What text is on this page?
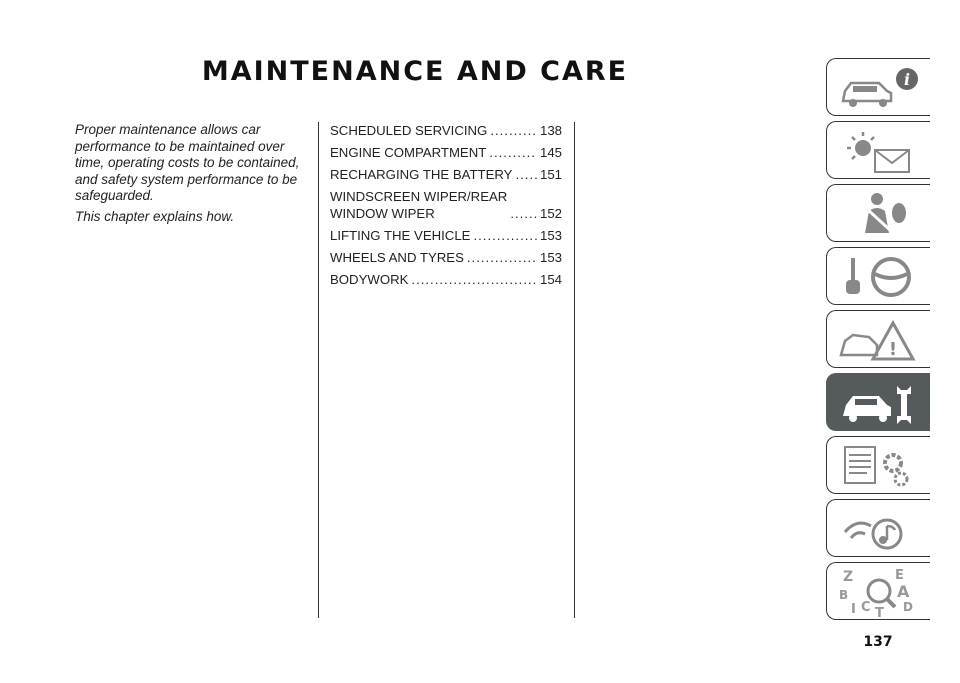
MAINTENANCE AND CARE

Proper maintenance allows car performance to be maintained over time, operating costs to be contained, and safety system performance to be safeguarded.

This chapter explains how.

SCHEDULED SERVICING .....	138
ENGINE COMPARTMENT .....	145
RECHARGING THE BATTERY ..... 151
WINDSCREEN WIPER/REAR
WINDOW WIPER .....	152
LIFTING THE VEHICLE .....	153
WHEELS AND TYRES .....	153
BODYWORK .....	154
i
!
Z	E
A
B
C
I T D
137
